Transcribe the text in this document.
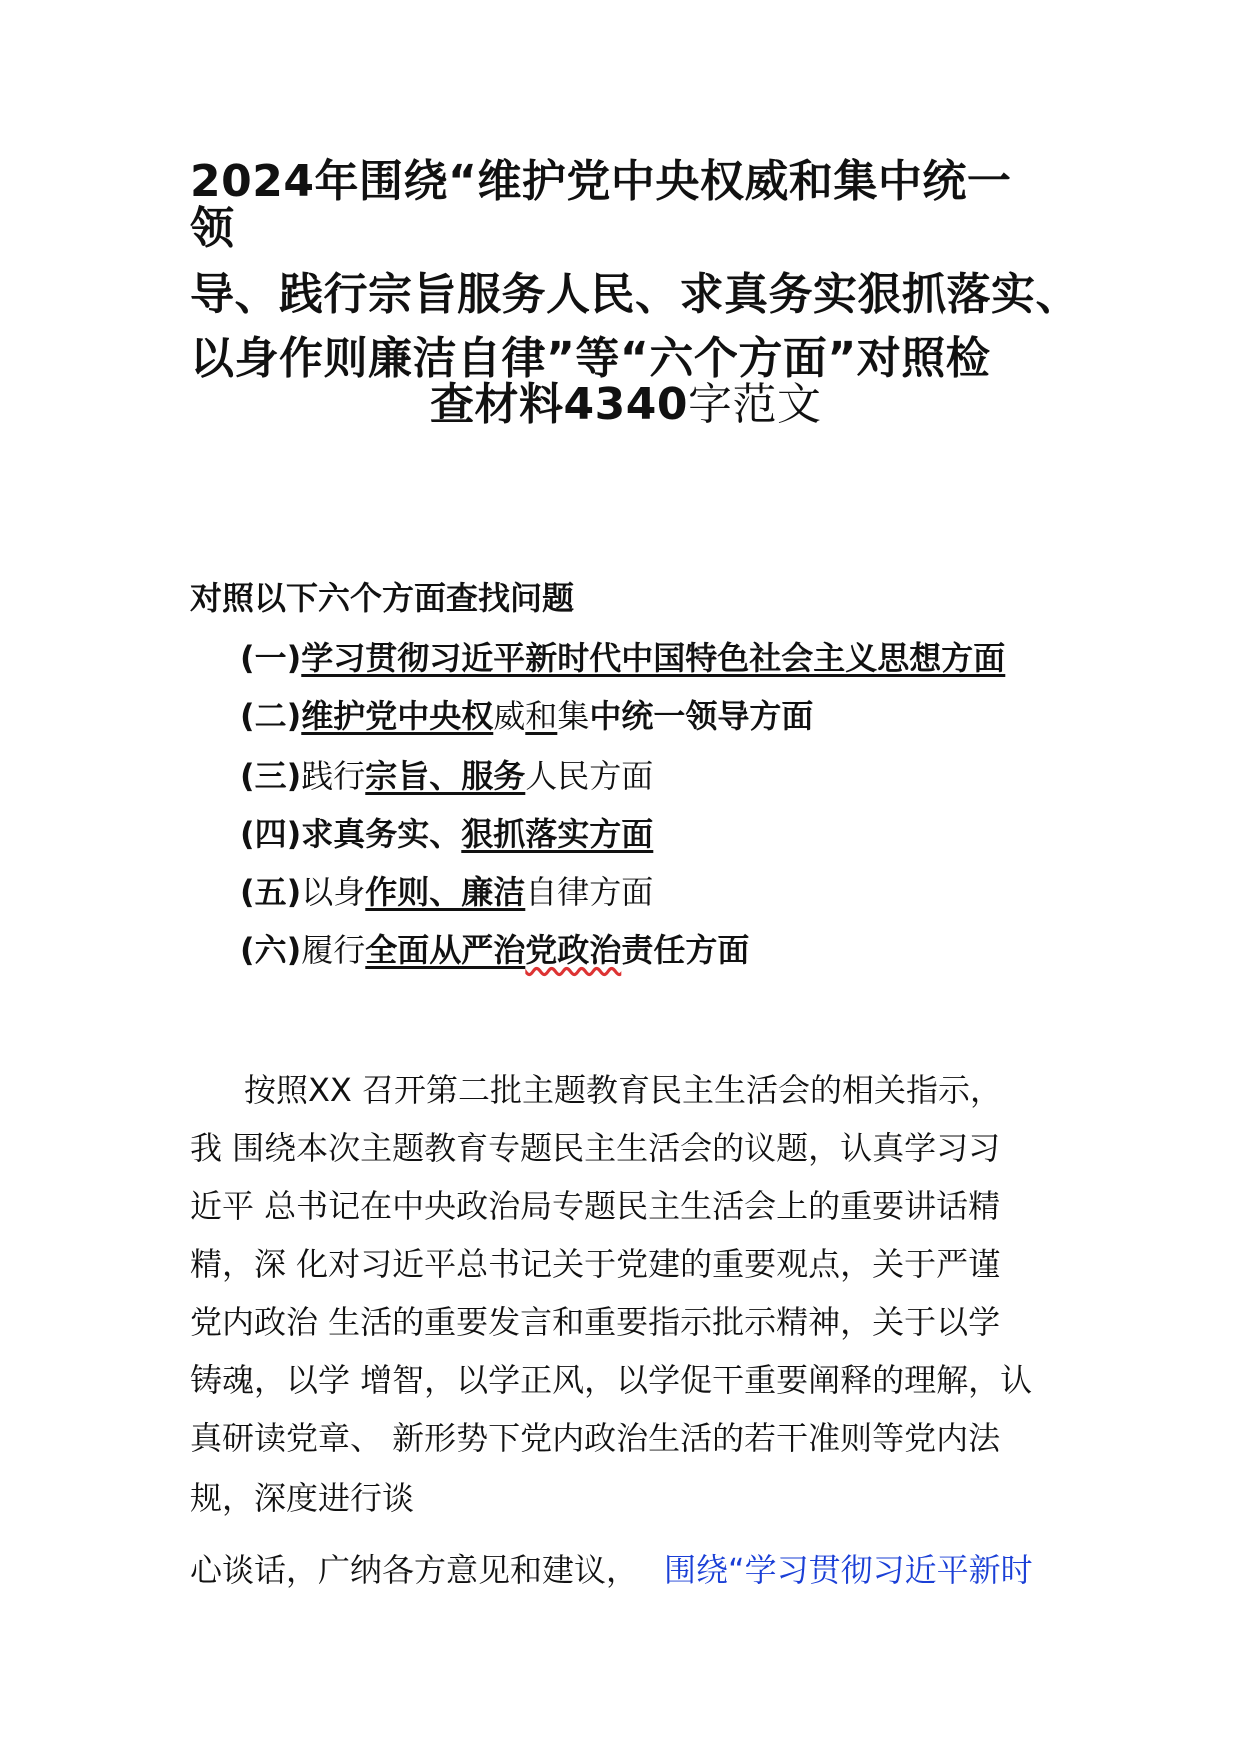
2024年围绕“维护党中央权威和集中统一
领
导、践行宗旨服务人民、求真务实狠抓落实、
以身作则廉洁自律”等“六个方面”对照检
查材料4340字范文
对照以下六个方面查找问题
(一)学习贯彻习近平新时代中国特色社会主义思想方面
(二)维护党中央权威和集中统一领导方面
(三)践行宗旨、服务人民方面
(四)求真务实、狠抓落实方面
(五)以身作则、廉洁自律方面
(六)履行全面从严治党政治责任方面
按照XX 召开第二批主题教育民主生活会的相关指示，
我 围绕本次主题教育专题民主生活会的议题，认真学习习
近平 总书记在中央政治局专题民主生活会上的重要讲话精
精，深 化对习近平总书记关于党建的重要观点，关于严谨
党内政治 生活的重要发言和重要指示批示精神，关于以学
铸魂，以学 增智，以学正风，以学促干重要阐释的理解，认
真研读党章、 新形势下党内政治生活的若干准则等党内法
规，深度进行谈
心谈话，广纳各方意见和建议， 围绕“学习贯彻习近平新时
